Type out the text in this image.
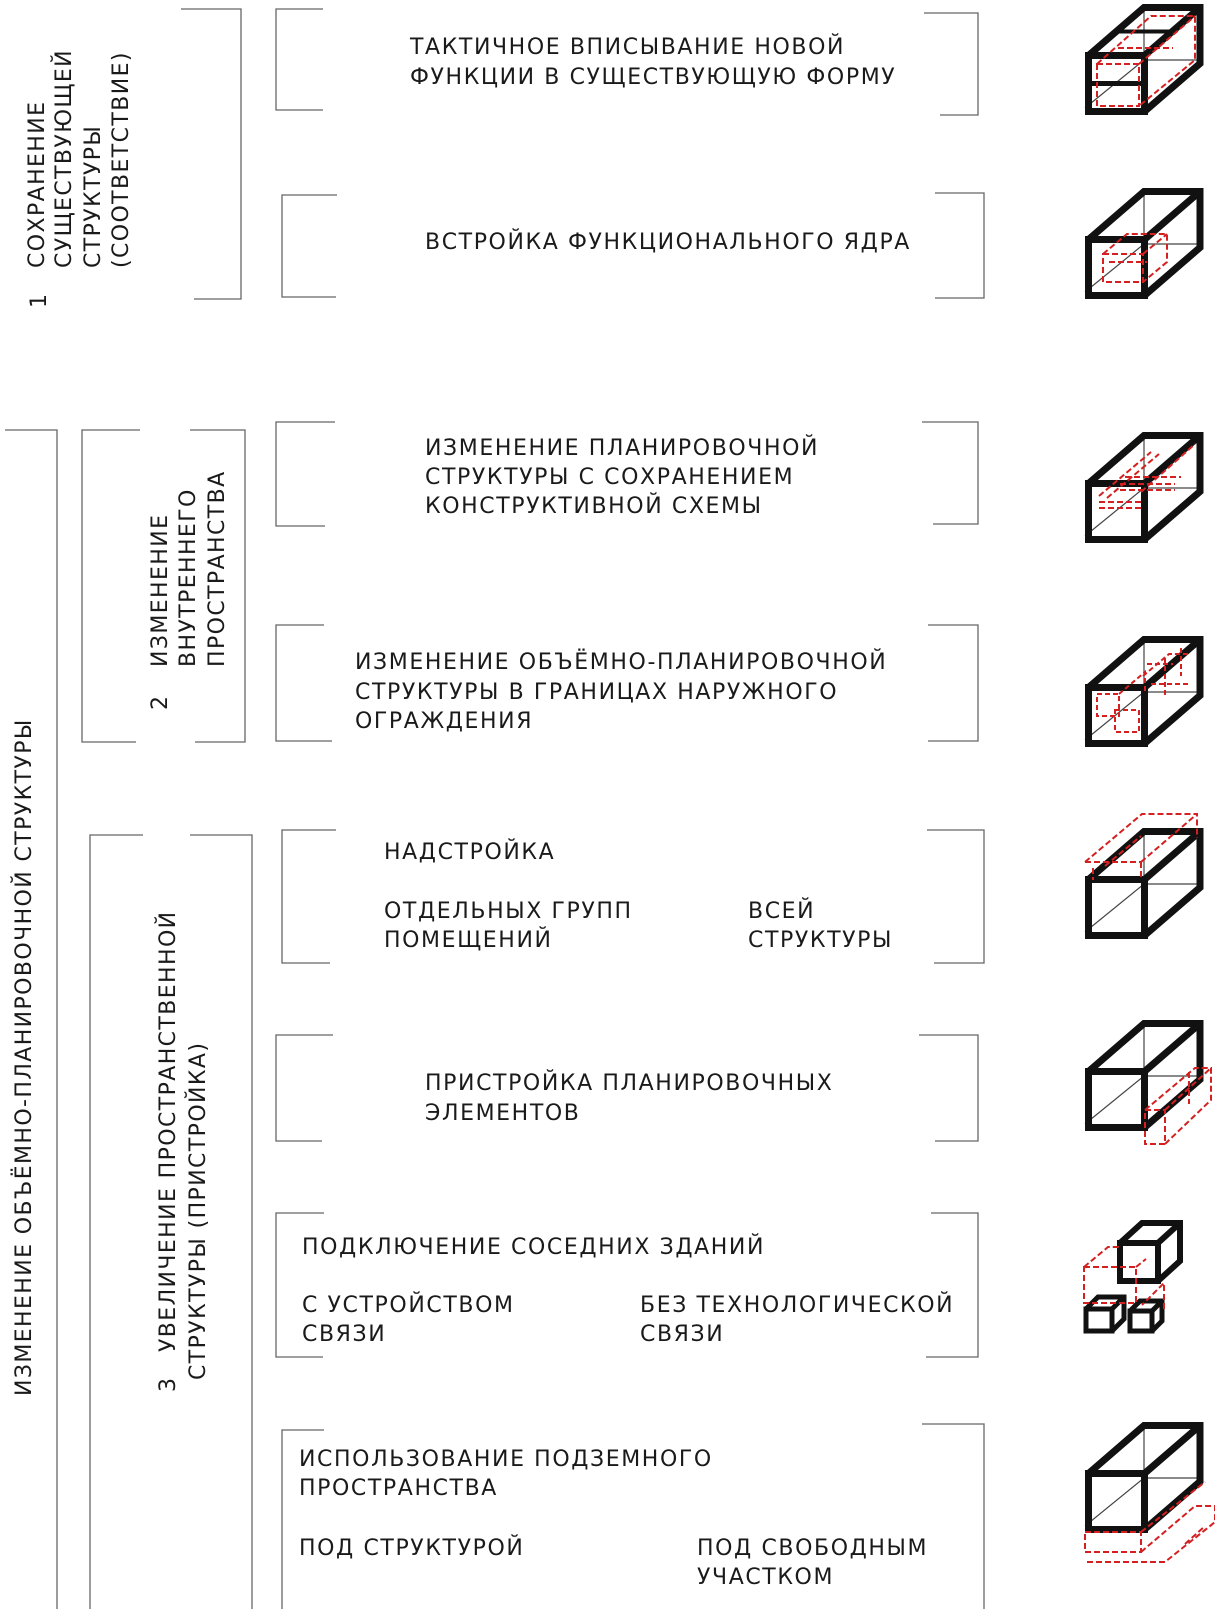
ИЗМЕНЕНИЕ ОБЪЁМНО-ПЛАНИРОВОЧНОЙ СТРУКТУРЫ
1
СОХРАНЕНИЕ СУЩЕСТВУЮЩЕЙ СТРУКТУРЫ (СООТВЕТСТВИЕ)
2
ИЗМЕНЕНИЕ ВНУТРЕННЕГО ПРОСТРАНСТВА
3
УВЕЛИЧЕНИЕ ПРОСТРАНСТВЕННОЙ СТРУКТУРЫ (ПРИСТРОЙКА)
ТАКТИЧНОЕ ВПИСЫВАНИЕ НОВОЙ
ФУНКЦИИ В СУЩЕСТВУЮЩУЮ ФОРМУ
ВСТРОЙКА ФУНКЦИОНАЛЬНОГО ЯДРА
ИЗМЕНЕНИЕ ПЛАНИРОВОЧНОЙ
СТРУКТУРЫ С СОХРАНЕНИЕМ
КОНСТРУКТИВНОЙ СХЕМЫ
ИЗМЕНЕНИЕ ОБЪЁМНО-ПЛАНИРОВОЧНОЙ
СТРУКТУРЫ В ГРАНИЦАХ НАРУЖНОГО
ОГРАЖДЕНИЯ
НАДСТРОЙКА
ОТДЕЛЬНЫХ ГРУПП
ПОМЕЩЕНИЙ
ВСЕЙ
СТРУКТУРЫ
ПРИСТРОЙКА ПЛАНИРОВОЧНЫХ
ЭЛЕМЕНТОВ
ПОДКЛЮЧЕНИЕ СОСЕДНИХ ЗДАНИЙ
С УСТРОЙСТВОМ
СВЯЗИ
БЕЗ ТЕХНОЛОГИЧЕСКОЙ
СВЯЗИ
ИСПОЛЬЗОВАНИЕ ПОДЗЕМНОГО
ПРОСТРАНСТВА
ПОД СТРУКТУРОЙ	ПОД СВОБОДНЫМ
УЧАСТКОМ
